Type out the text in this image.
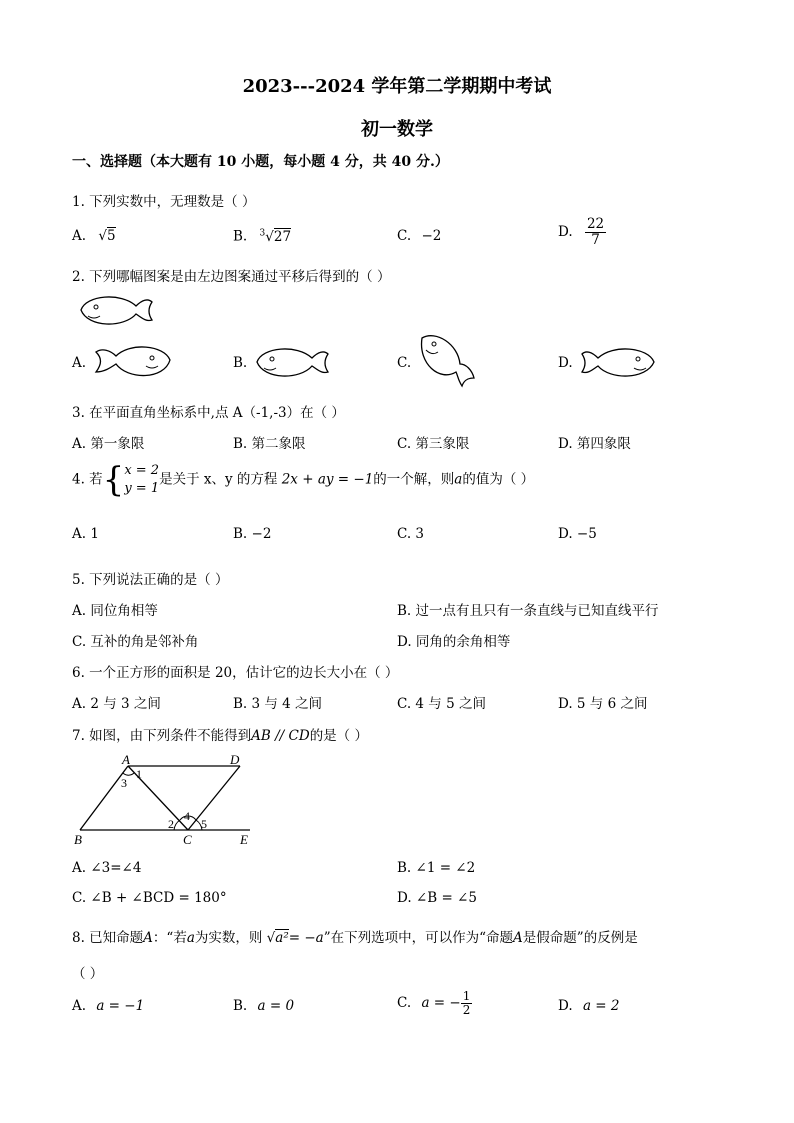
2023---2024 学年第二学期期中考试
初一数学
一、选择题（本大题有 10 小题，每小题 4 分，共 40 分.）
1. 下列实数中，无理数是（ ）
A. √5	B. $^3$√27	C. −2	D. $\frac{22}{7}$
2. 下列哪幅图案是由左边图案通过平移后得到的（ ）
A.	B.	C.	D.
3. 在平面直角坐标系中,点 A（-1,-3）在（ ）
A. 第一象限	B. 第二象限	C. 第三象限	D. 第四象限
4. 若{ x = 2
y = 1
是关于 x、y 的方程 2x + ay = −1的一个解，则a的值为（ ）
A. 1	B. −2	C. 3	D. −5
5. 下列说法正确的是（ ）
A. 同位角相等	B. 过一点有且只有一条直线与已知直线平行
C. 互补的角是邻补角	D. 同角的余角相等
6. 一个正方形的面积是 20，估计它的边长大小在（ ）
A. 2 与 3 之间	B. 3 与 4 之间	C. 4 与 5 之间	D. 5 与 6 之间
7. 如图，由下列条件不能得到AB // CD的是（ ）
A	D
B	C	E
1
3
4
2 5
A. ∠3=∠4	B. ∠1 = ∠2
C. ∠B + ∠BCD = 180°	D. ∠B = ∠5
8. 已知命题A：“若a为实数，则 √a²= −a”在下列选项中，可以作为“命题A是假命题”的反例是
（ ）
A. a = −1	B. a = 0	C. a = − $\frac{1}{2}$	D. a = 2
